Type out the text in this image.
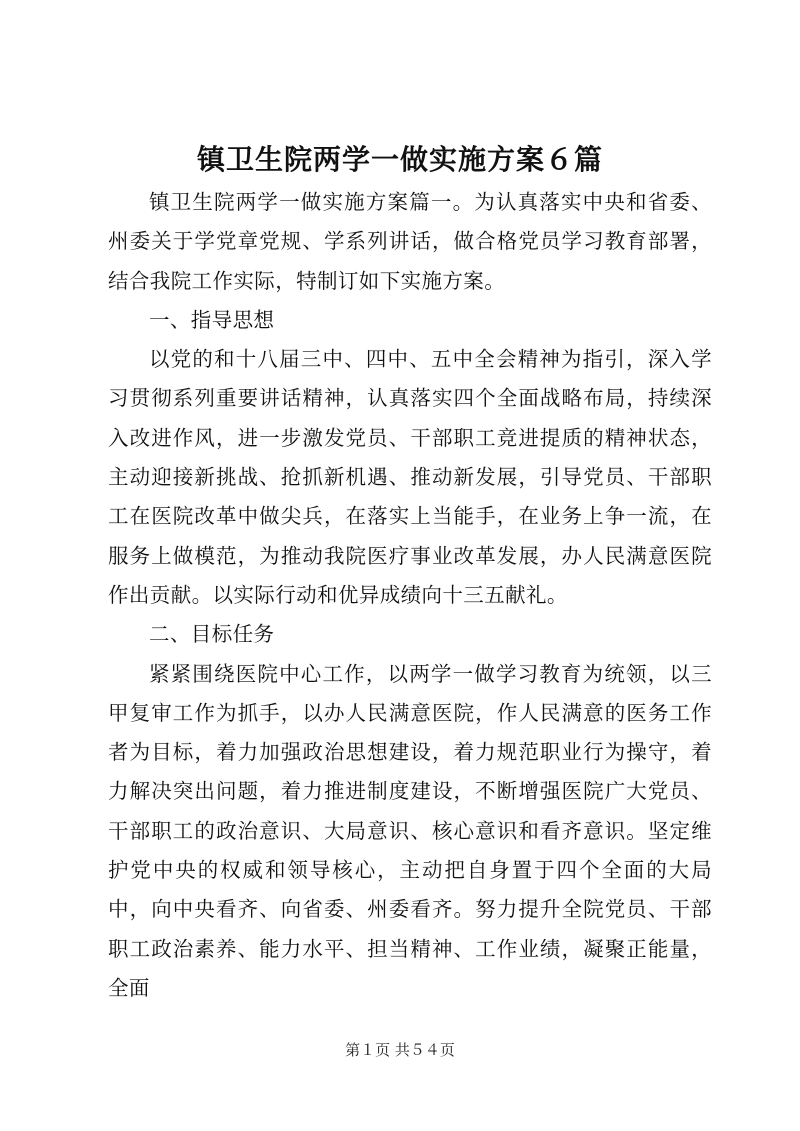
镇卫生院两学一做实施方案６篇

镇卫生院两学一做实施方案篇一。为认真落实中央和省委、州委关于学党章党规、学系列讲话，做合格党员学习教育部署，结合我院工作实际，特制订如下实施方案。

一、指导思想

以党的和十八届三中、四中、五中全会精神为指引，深入学习贯彻系列重要讲话精神，认真落实四个全面战略布局，持续深入改进作风，进一步激发党员、干部职工竞进提质的精神状态，主动迎接新挑战、抢抓新机遇、推动新发展，引导党员、干部职工在医院改革中做尖兵，在落实上当能手，在业务上争一流，在服务上做模范，为推动我院医疗事业改革发展，办人民满意医院作出贡献。以实际行动和优异成绩向十三五献礼。

二、目标任务

紧紧围绕医院中心工作，以两学一做学习教育为统领，以三甲复审工作为抓手，以办人民满意医院，作人民满意的医务工作者为目标，着力加强政治思想建设，着力规范职业行为操守，着力解决突出问题，着力推进制度建设，不断增强医院广大党员、干部职工的政治意识、大局意识、核心意识和看齐意识。坚定维护党中央的权威和领导核心，主动把自身置于四个全面的大局中，向中央看齐、向省委、州委看齐。努力提升全院党员、干部职工政治素养、能力水平、担当精神、工作业绩，凝聚正能量，全面

第１页 共５４页
